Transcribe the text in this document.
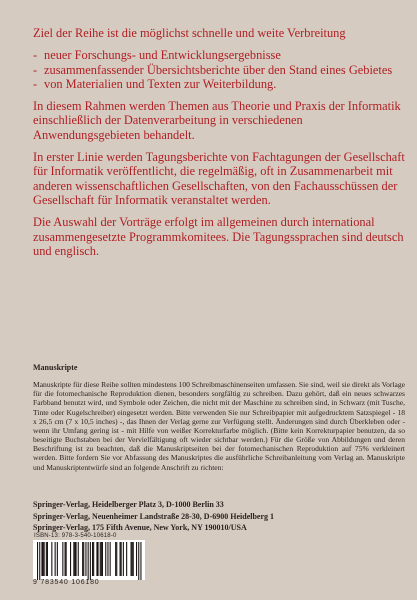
Ziel der Reihe ist die möglichst schnelle und weite Verbreitung

- neuer Forschungs- und Entwicklungsergebnisse
- zusammenfassender Übersichtsberichte über den Stand eines Gebietes
- von Materialien und Texten zur Weiterbildung.

In diesem Rahmen werden Themen aus Theorie und Praxis der Informatik einschließlich der Datenverarbeitung in verschiedenen Anwendungsgebieten behandelt.

In erster Linie werden Tagungsberichte von Fachtagungen der Gesellschaft für Informatik veröffentlicht, die regelmäßig, oft in Zusammenarbeit mit anderen wissenschaftlichen Gesellschaften, von den Fachausschüssen der Gesellschaft für Informatik veranstaltet werden.

Die Auswahl der Vorträge erfolgt im allgemeinen durch international zusammengesetzte Programmkomitees. Die Tagungssprachen sind deutsch und englisch.

Manuskripte

Manuskripte für diese Reihe sollten mindestens 100 Schreibmaschinenseiten umfassen. Sie sind, weil sie direkt als Vorlage für die fotomechanische Reproduktion dienen, besonders sorgfältig zu schreiben. Dazu gehört, daß ein neues schwarzes Farbband benutzt wird, und Symbole oder Zeichen, die nicht mit der Maschine zu schreiben sind, in Schwarz (mit Tusche, Tinte oder Kugelschreiber) eingesetzt werden. Bitte verwenden Sie nur Schreibpapier mit aufgedrucktem Satzspiegel - 18 x 26,5 cm (7 x 10,5 inches) -, das Ihnen der Verlag gerne zur Verfügung stellt. Änderungen sind durch Überkleben oder - wenn ihr Umfang gering ist - mit Hilfe von weißer Korrekturfarbe möglich. (Bitte kein Korrekturpapier benutzen, da so beseitigte Buchstaben bei der Vervielfältigung oft wieder sichtbar werden.) Für die Größe von Abbildungen und deren Beschriftung ist zu beachten, daß die Manuskriptseiten bei der fotomechanischen Reproduktion auf 75% verkleinert werden. Bitte fordern Sie vor Abfassung des Manuskriptes die ausführliche Schreibanleitung vom Verlag an. Manuskripte und Manuskriptentwürfe sind an folgende Anschrift zu richten:

Springer-Verlag, Heidelberger Platz 3, D-1000 Berlin 33
Springer-Verlag, Neuenheimer Landstraße 28-30, D-6900 Heidelberg 1
Springer-Verlag, 175 Fifth Avenue, New York, NY 190010/USA
ISBN-13: 978-3-540-10618-0
9 783540 106180
